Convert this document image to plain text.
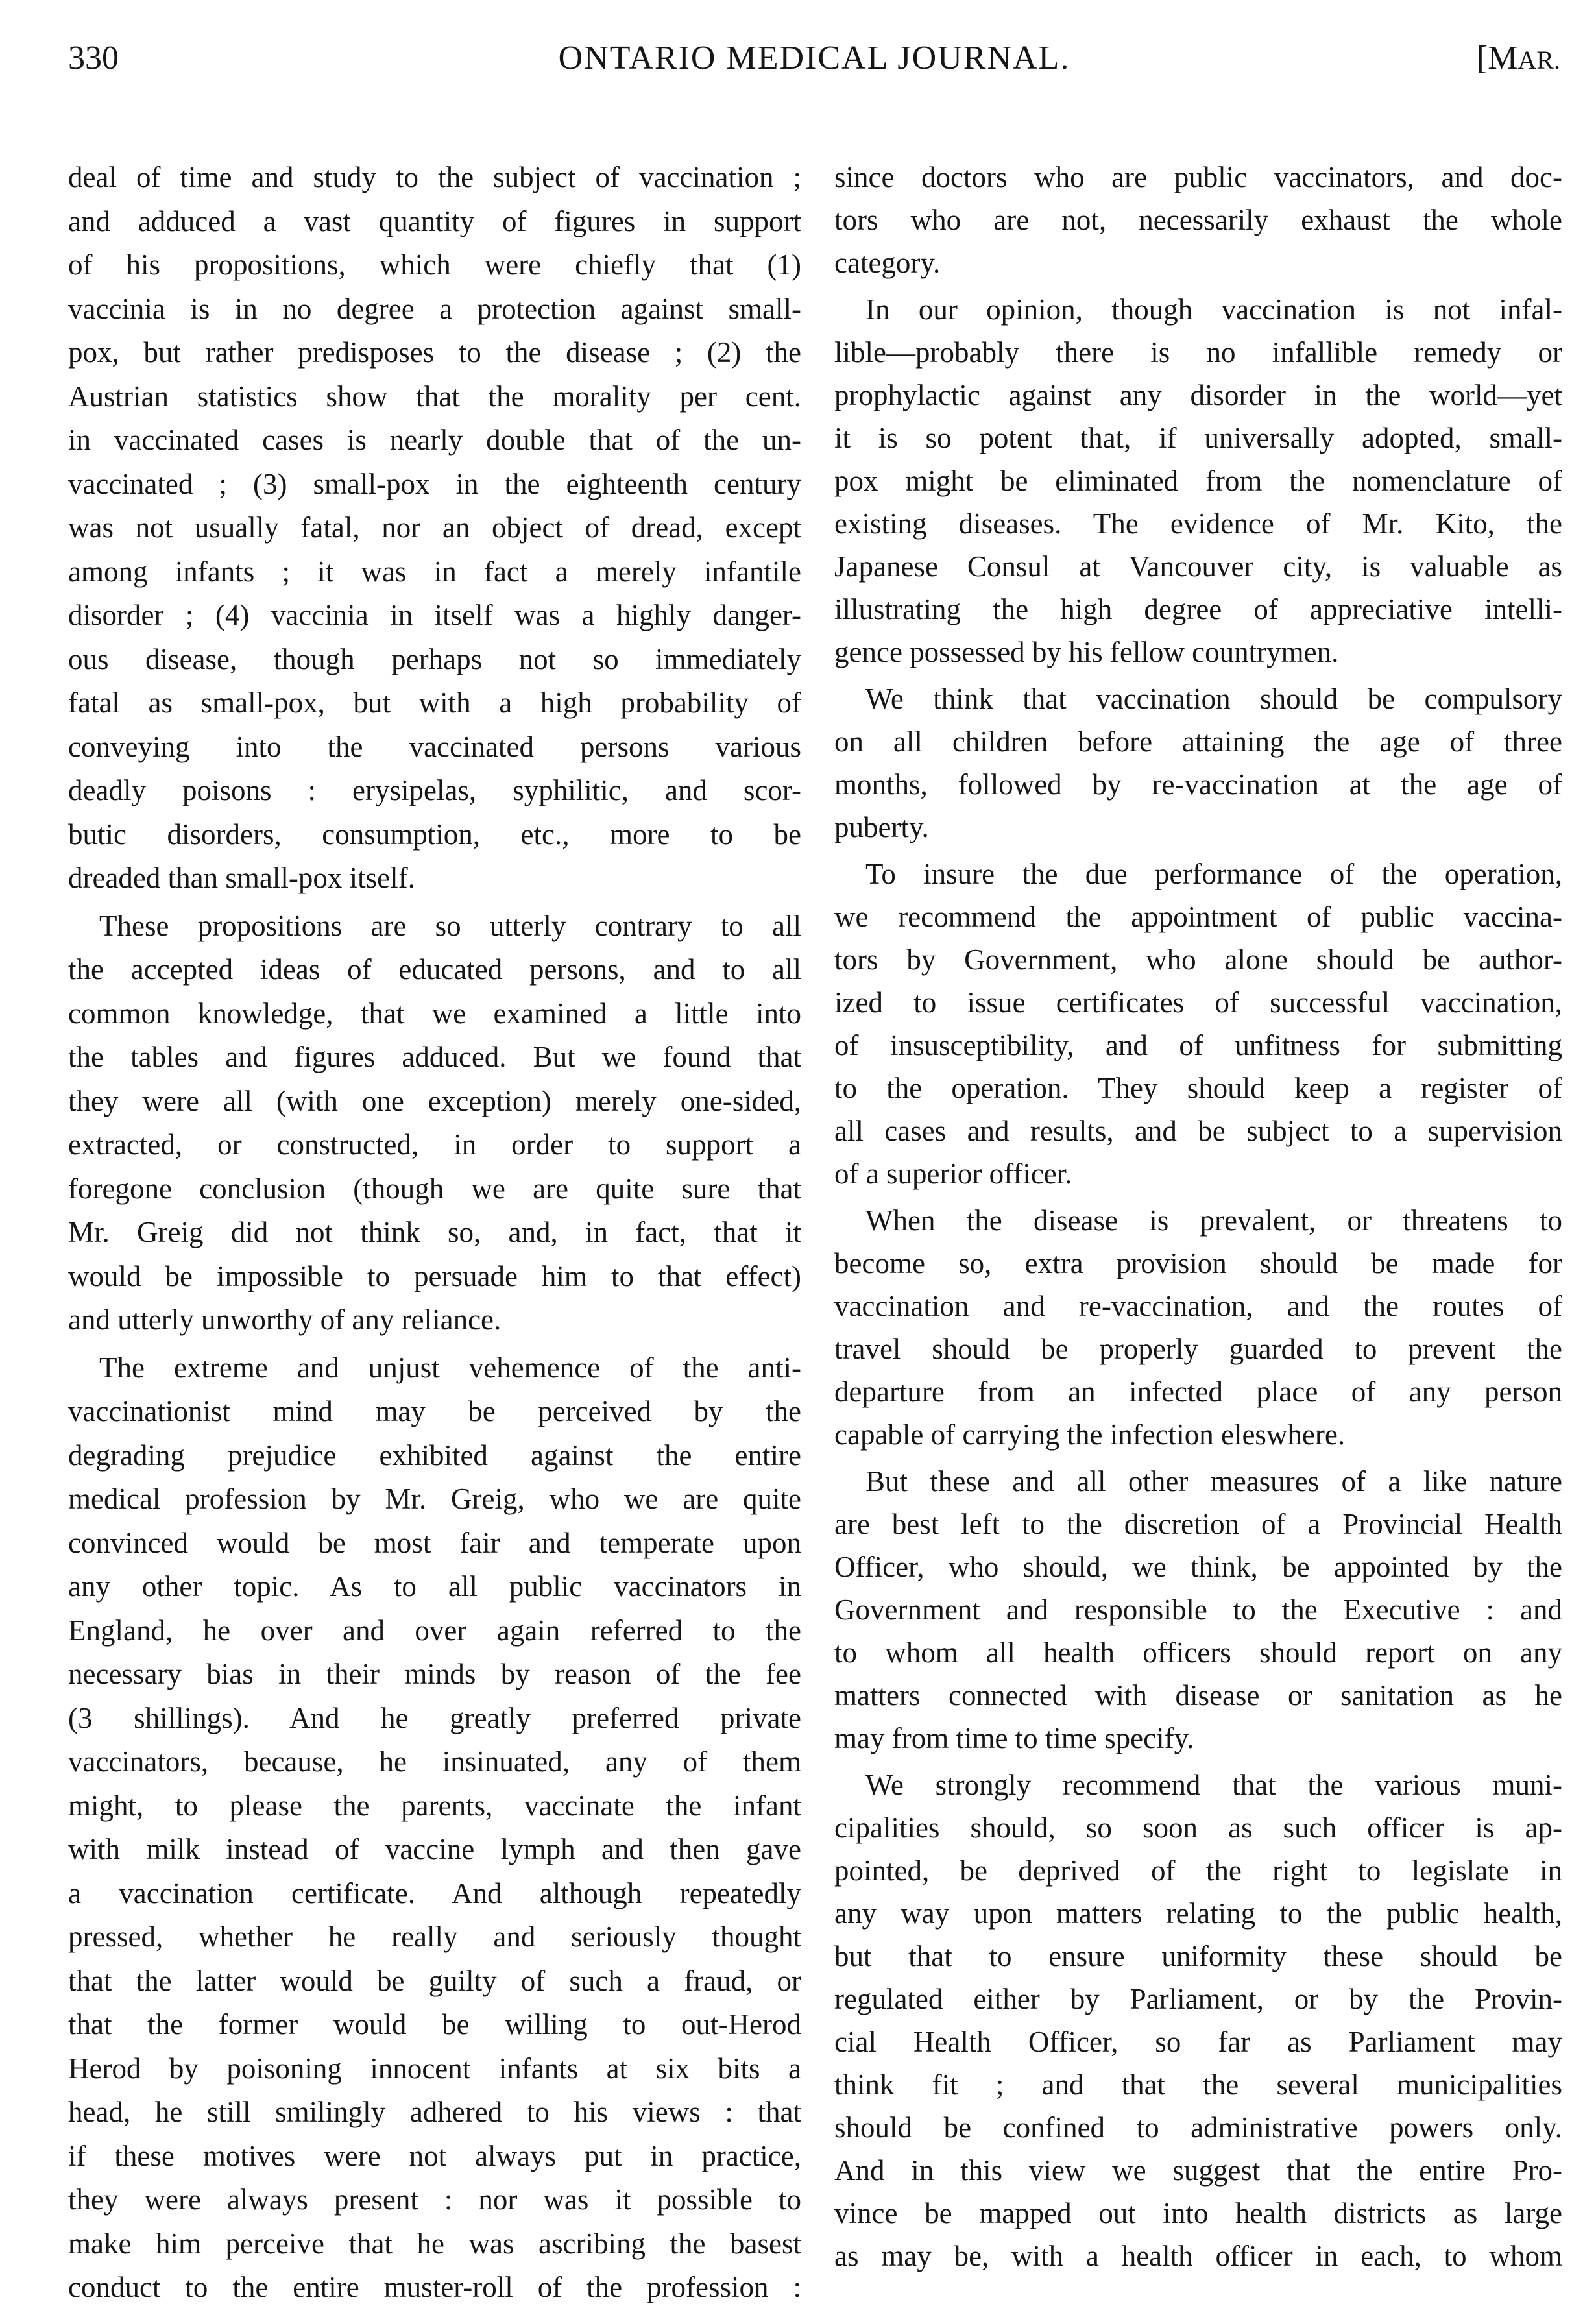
330	ONTARIO MEDICAL JOURNAL.	[MAR.
deal of time and study to the subject of vaccination ;
and adduced a vast quantity of figures in support
of his propositions, which were chiefly that (1)
vaccinia is in no degree a protection against small-
pox, but rather predisposes to the disease ; (2) the
Austrian statistics show that the morality per cent.
in vaccinated cases is nearly double that of the un-
vaccinated ; (3) small-pox in the eighteenth century
was not usually fatal, nor an object of dread, except
among infants ; it was in fact a merely infantile
disorder ; (4) vaccinia in itself was a highly danger-
ous disease, though perhaps not so immediately
fatal as small-pox, but with a high probability of
conveying into the vaccinated persons various
deadly poisons : erysipelas, syphilitic, and scor-
butic disorders, consumption, etc., more to be
dreaded than small-pox itself.
These propositions are so utterly contrary to all
the accepted ideas of educated persons, and to all
common knowledge, that we examined a little into
the tables and figures adduced. But we found that
they were all (with one exception) merely one-sided,
extracted, or constructed, in order to support a
foregone conclusion (though we are quite sure that
Mr. Greig did not think so, and, in fact, that it
would be impossible to persuade him to that effect)
and utterly unworthy of any reliance.
The extreme and unjust vehemence of the anti-
vaccinationist mind may be perceived by the
degrading prejudice exhibited against the entire
medical profession by Mr. Greig, who we are quite
convinced would be most fair and temperate upon
any other topic. As to all public vaccinators in
England, he over and over again referred to the
necessary bias in their minds by reason of the fee
(3 shillings). And he greatly preferred private
vaccinators, because, he insinuated, any of them
might, to please the parents, vaccinate the infant
with milk instead of vaccine lymph and then gave
a vaccination certificate. And although repeatedly
pressed, whether he really and seriously thought
that the latter would be guilty of such a fraud, or
that the former would be willing to out-Herod
Herod by poisoning innocent infants at six bits a
head, he still smilingly adhered to his views : that
if these motives were not always put in practice,
they were always present : nor was it possible to
make him perceive that he was ascribing the basest
conduct to the entire muster-roll of the profession :
since doctors who are public vaccinators, and doc-
tors who are not, necessarily exhaust the whole
category.
In our opinion, though vaccination is not infal-
lible—probably there is no infallible remedy or
prophylactic against any disorder in the world—yet
it is so potent that, if universally adopted, small-
pox might be eliminated from the nomenclature of
existing diseases. The evidence of Mr. Kito, the
Japanese Consul at Vancouver city, is valuable as
illustrating the high degree of appreciative intelli-
gence possessed by his fellow countrymen.
We think that vaccination should be compulsory
on all children before attaining the age of three
months, followed by re-vaccination at the age of
puberty.
To insure the due performance of the operation,
we recommend the appointment of public vaccina-
tors by Government, who alone should be author-
ized to issue certificates of successful vaccination,
of insusceptibility, and of unfitness for submitting
to the operation. They should keep a register of
all cases and results, and be subject to a supervision
of a superior officer.
When the disease is prevalent, or threatens to
become so, extra provision should be made for
vaccination and re-vaccination, and the routes of
travel should be properly guarded to prevent the
departure from an infected place of any person
capable of carrying the infection eleswhere.
But these and all other measures of a like nature
are best left to the discretion of a Provincial Health
Officer, who should, we think, be appointed by the
Government and responsible to the Executive : and
to whom all health officers should report on any
matters connected with disease or sanitation as he
may from time to time specify.
We strongly recommend that the various muni-
cipalities should, so soon as such officer is ap-
pointed, be deprived of the right to legislate in
any way upon matters relating to the public health,
but that to ensure uniformity these should be
regulated either by Parliament, or by the Provin-
cial Health Officer, so far as Parliament may
think fit ; and that the several municipalities
should be confined to administrative powers only.
And in this view we suggest that the entire Pro-
vince be mapped out into health districts as large
as may be, with a health officer in each, to whom
